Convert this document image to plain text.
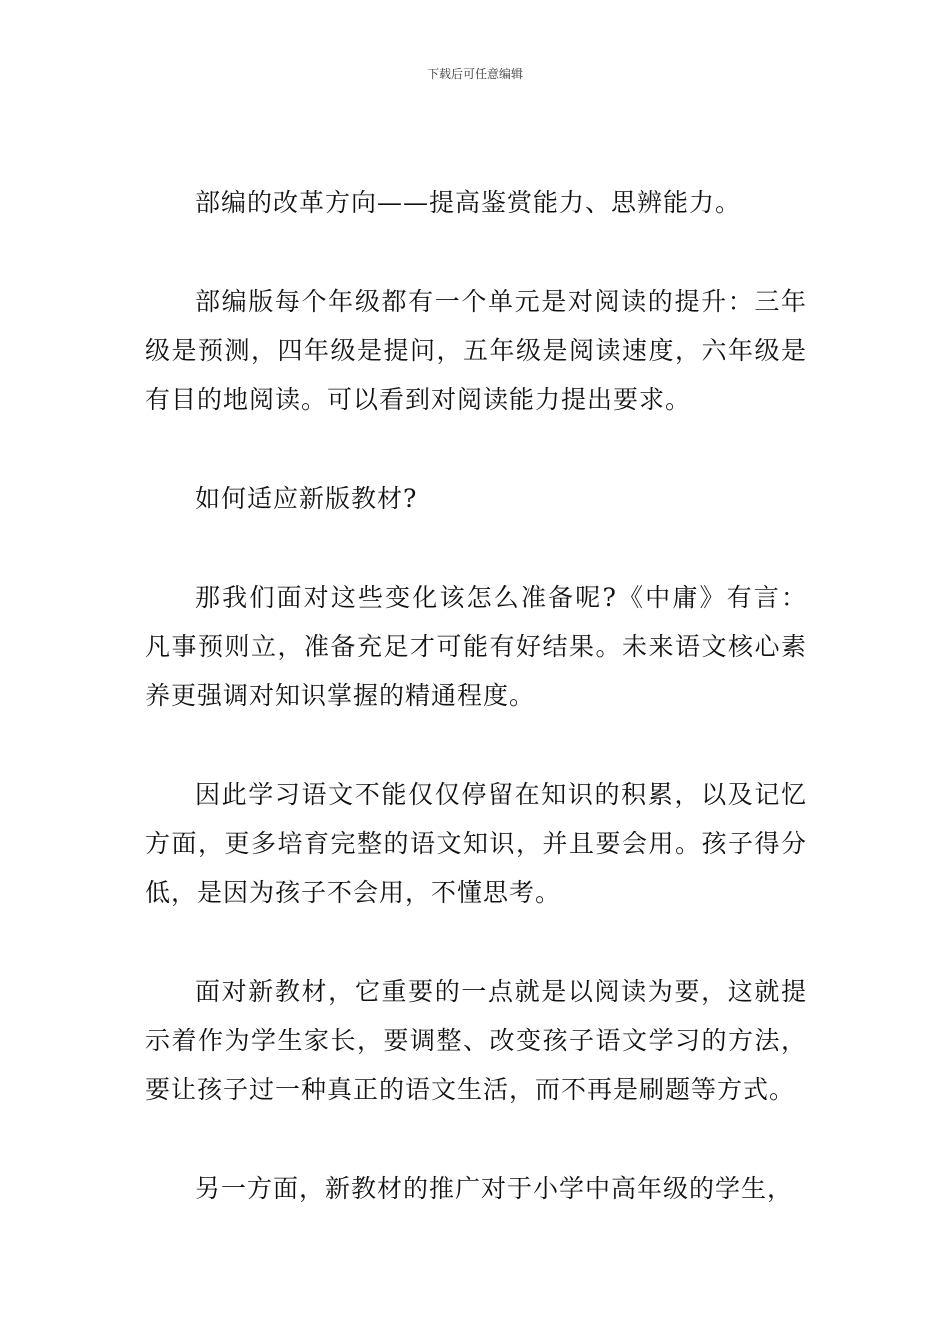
下载后可任意编辑

部编的改革方向——提高鉴赏能力、思辨能力。

部编版每个年级都有一个单元是对阅读的提升：三年级是预测，四年级是提问，五年级是阅读速度，六年级是有目的地阅读。可以看到对阅读能力提出要求。

如何适应新版教材?

那我们面对这些变化该怎么准备呢?《中庸》有言：凡事预则立，准备充足才可能有好结果。未来语文核心素养更强调对知识掌握的精通程度。

因此学习语文不能仅仅停留在知识的积累，以及记忆方面，更多培育完整的语文知识，并且要会用。孩子得分低，是因为孩子不会用，不懂思考。

面对新教材，它重要的一点就是以阅读为要，这就提示着作为学生家长，要调整、改变孩子语文学习的方法，要让孩子过一种真正的语文生活，而不再是刷题等方式。

另一方面，新教材的推广对于小学中高年级的学生，
